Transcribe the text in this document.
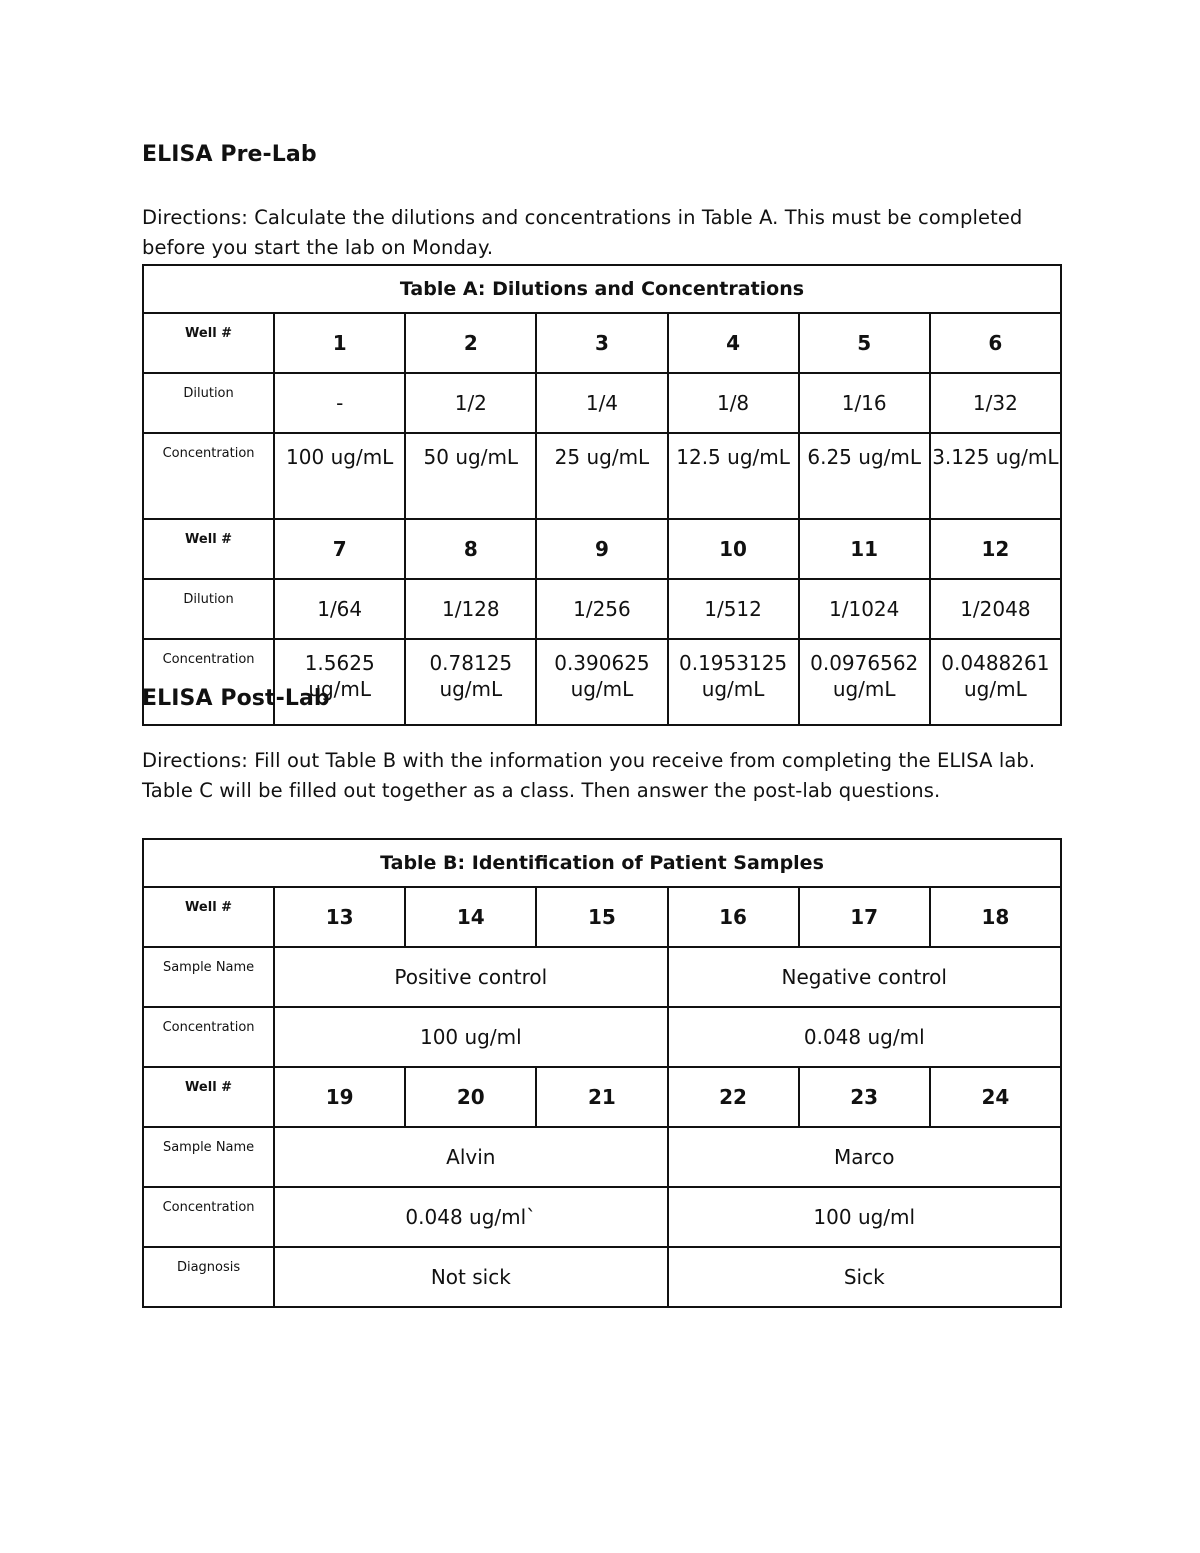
ELISA Pre-Lab

Directions: Calculate the dilutions and concentrations in Table A. This must be completed before you start the lab on Monday.

Table A: Dilutions and Concentrations						
Well #	1	2	3	4	5	6
Dilution	-	1/2	1/4	1/8	1/16	1/32
Concentration	100 ug/mL	50 ug/mL	25 ug/mL	12.5 ug/mL	6.25 ug/mL	3.125 ug/mL
Well #	7	8	9	10	11	12
Dilution	1/64	1/128	1/256	1/512	1/1024	1/2048
Concentration	1.5625 ug/mL	0.78125 ug/mL	0.390625 ug/mL	0.1953125 ug/mL	0.0976562 ug/mL	0.0488261 ug/mL
ELISA Post-Lab

Directions: Fill out Table B with the information you receive from completing the ELISA lab. Table C will be filled out together as a class. Then answer the post-lab questions.

Table B: Identification of Patient Samples						
Well #	13	14	15	16	17	18
Sample Name	Positive control			Negative control		
Concentration	100 ug/ml			0.048 ug/ml		
Well #	19	20	21	22	23	24
Sample Name	Alvin			Marco		
Concentration	0.048 ug/ml`			100 ug/ml		
Diagnosis	Not sick			Sick		
